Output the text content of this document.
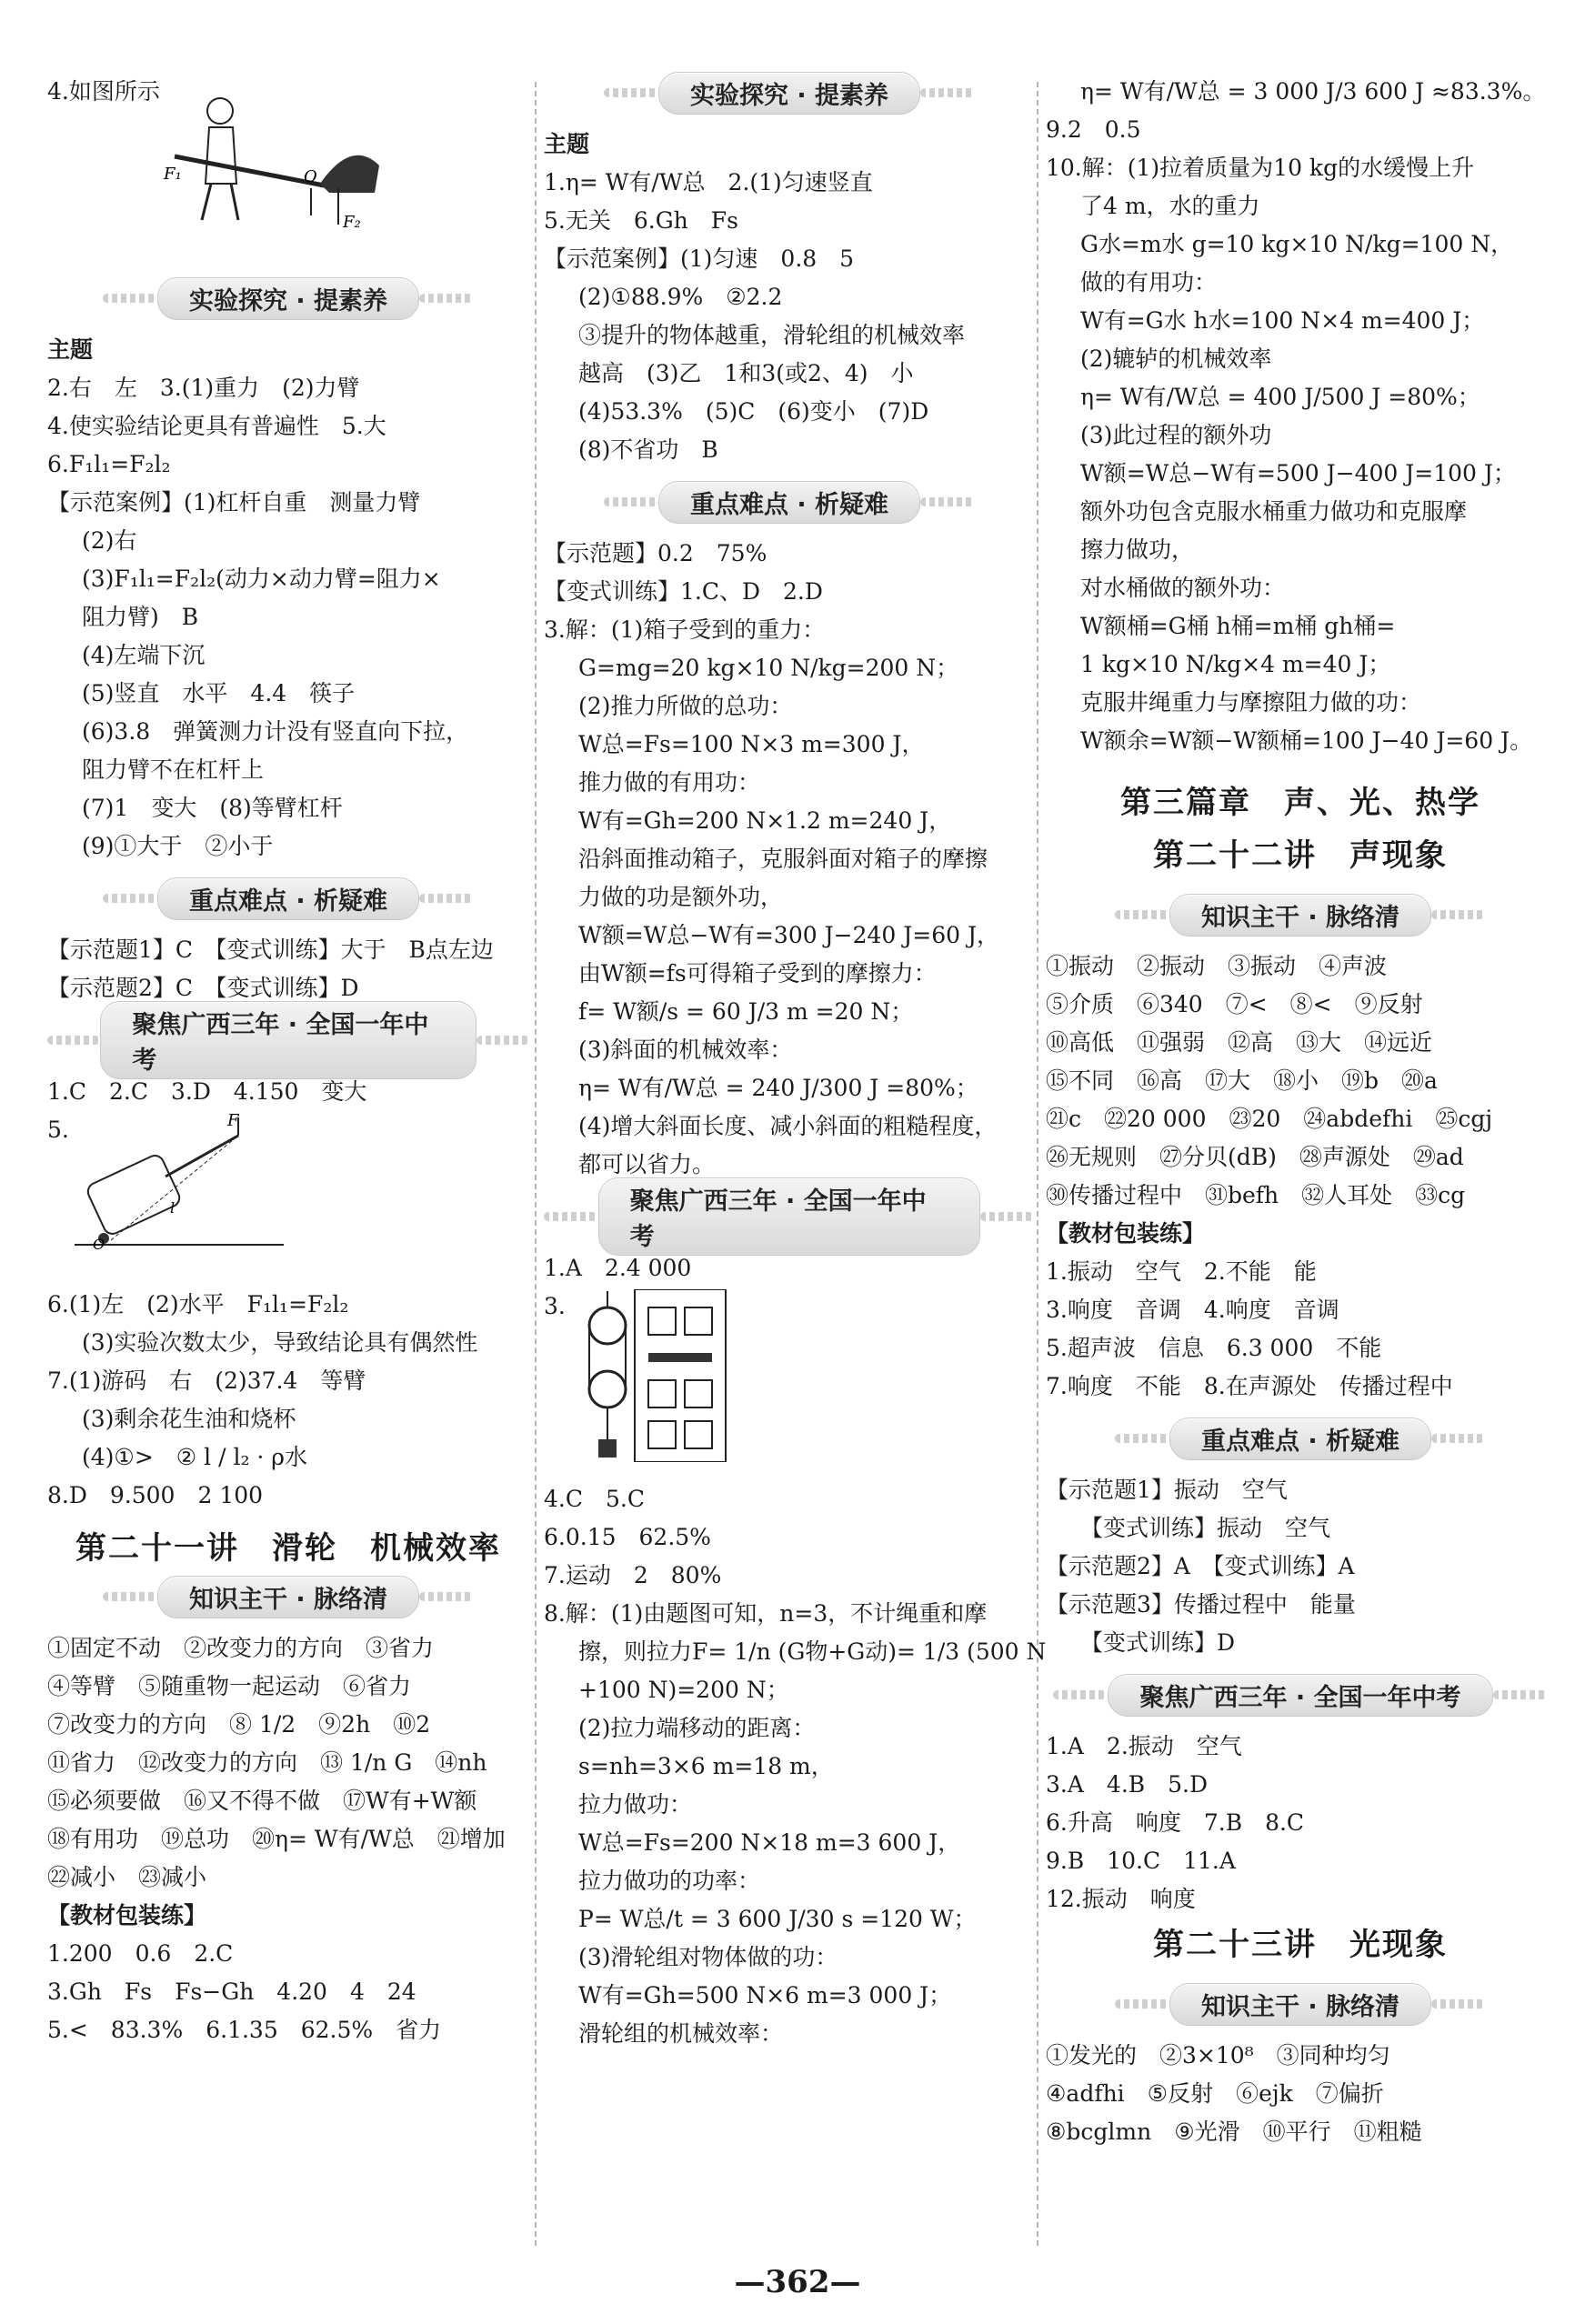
4.如图所示
F₁	O
F₂
实验探究 · 提素养
主题
2.右　左　3.(1)重力　(2)力臂
4.使实验结论更具有普遍性　5.大
6.F₁l₁=F₂l₂
【示范案例】(1)杠杆自重　测量力臂
(2)右
(3)F₁l₁=F₂l₂(动力×动力臂=阻力×
阻力臂)　B
(4)左端下沉
(5)竖直　水平　4.4　筷子
(6)3.8　弹簧测力计没有竖直向下拉，
阻力臂不在杠杆上
(7)1　变大　(8)等臂杠杆
(9)①大于　②小于
重点难点 · 析疑难
【示范题1】C　【变式训练】大于　B点左边
【示范题2】C　【变式训练】D
聚焦广西三年 · 全国一年中考
1.C　2.C　3.D　4.150　变大
5.	F
O
l
6.(1)左　(2)水平　F₁l₁=F₂l₂
(3)实验次数太少，导致结论具有偶然性
7.(1)游码　右　(2)37.4　等臂
(3)剩余花生油和烧杯
(4)①>　② l / l₂ · ρ水
8.D　9.500　2 100
第二十一讲　滑轮　机械效率
知识主干 · 脉络清
①固定不动　②改变力的方向　③省力
④等臂　⑤随重物一起运动　⑥省力
⑦改变力的方向　⑧ 1/2　⑨2h　⑩2
⑪省力　⑫改变力的方向　⑬ 1/n G　⑭nh
⑮必须要做　⑯又不得不做　⑰W有+W额
⑱有用功　⑲总功　⑳η= W有/W总　㉑增加
㉒减小　㉓减小
【教材包装练】
1.200　0.6　2.C
3.Gh　Fs　Fs−Gh　4.20　4　24
5.<　83.3%　6.1.35　62.5%　省力
实验探究 · 提素养
主题
1.η= W有/W总　2.(1)匀速竖直
5.无关　6.Gh　Fs
【示范案例】(1)匀速　0.8　5
(2)①88.9%　②2.2
③提升的物体越重，滑轮组的机械效率
越高　(3)乙　1和3(或2、4)　小
(4)53.3%　(5)C　(6)变小　(7)D
(8)不省功　B
重点难点 · 析疑难
【示范题】0.2　75%
【变式训练】1.C、D　2.D
3.解：(1)箱子受到的重力：
G=mg=20 kg×10 N/kg=200 N；
(2)推力所做的总功：
W总=Fs=100 N×3 m=300 J，
推力做的有用功：
W有=Gh=200 N×1.2 m=240 J，
沿斜面推动箱子，克服斜面对箱子的摩擦
力做的功是额外功，
W额=W总−W有=300 J−240 J=60 J，
由W额=fs可得箱子受到的摩擦力：
f= W额/s = 60 J/3 m =20 N；
(3)斜面的机械效率：
η= W有/W总 = 240 J/300 J =80%；
(4)增大斜面长度、减小斜面的粗糙程度，
都可以省力。
聚焦广西三年 · 全国一年中考
1.A　2.4 000
3.
4.C　5.C
6.0.15　62.5%
7.运动　2　80%
8.解：(1)由题图可知，n=3，不计绳重和摩
擦，则拉力F= 1/n (G物+G动)= 1/3 (500 N
+100 N)=200 N；
(2)拉力端移动的距离：
s=nh=3×6 m=18 m，
拉力做功：
W总=Fs=200 N×18 m=3 600 J，
拉力做功的功率：
P= W总/t = 3 600 J/30 s =120 W；
(3)滑轮组对物体做的功：
W有=Gh=500 N×6 m=3 000 J；
滑轮组的机械效率：
η= W有/W总 = 3 000 J/3 600 J ≈83.3%。
9.2　0.5
10.解：(1)拉着质量为10 kg的水缓慢上升
了4 m，水的重力
G水=m水 g=10 kg×10 N/kg=100 N，
做的有用功：
W有=G水 h水=100 N×4 m=400 J；
(2)辘轳的机械效率
η= W有/W总 = 400 J/500 J =80%；
(3)此过程的额外功
W额=W总−W有=500 J−400 J=100 J；
额外功包含克服水桶重力做功和克服摩
擦力做功，
对水桶做的额外功：
W额桶=G桶 h桶=m桶 gh桶=
1 kg×10 N/kg×4 m=40 J；
克服井绳重力与摩擦阻力做的功：
W额余=W额−W额桶=100 J−40 J=60 J。
第三篇章　声、光、热学
第二十二讲　声现象
知识主干 · 脉络清
①振动　②振动　③振动　④声波
⑤介质　⑥340　⑦<　⑧<　⑨反射
⑩高低　⑪强弱　⑫高　⑬大　⑭远近
⑮不同　⑯高　⑰大　⑱小　⑲b　⑳a
㉑c　㉒20 000　㉓20　㉔abdefhi　㉕cgj
㉖无规则　㉗分贝(dB)　㉘声源处　㉙ad
㉚传播过程中　㉛befh　㉜人耳处　㉝cg
【教材包装练】
1.振动　空气　2.不能　能
3.响度　音调　4.响度　音调
5.超声波　信息　6.3 000　不能
7.响度　不能　8.在声源处　传播过程中
重点难点 · 析疑难
【示范题1】振动　空气
【变式训练】振动　空气
【示范题2】A　【变式训练】A
【示范题3】传播过程中　能量
【变式训练】D
聚焦广西三年 · 全国一年中考
1.A　2.振动　空气
3.A　4.B　5.D
6.升高　响度　7.B　8.C
9.B　10.C　11.A
12.振动　响度
第二十三讲　光现象
知识主干 · 脉络清
①发光的　②3×10⁸　③同种均匀
④adfhi　⑤反射　⑥ejk　⑦偏折
⑧bcglmn　⑨光滑　⑩平行　⑪粗糙
—362—
